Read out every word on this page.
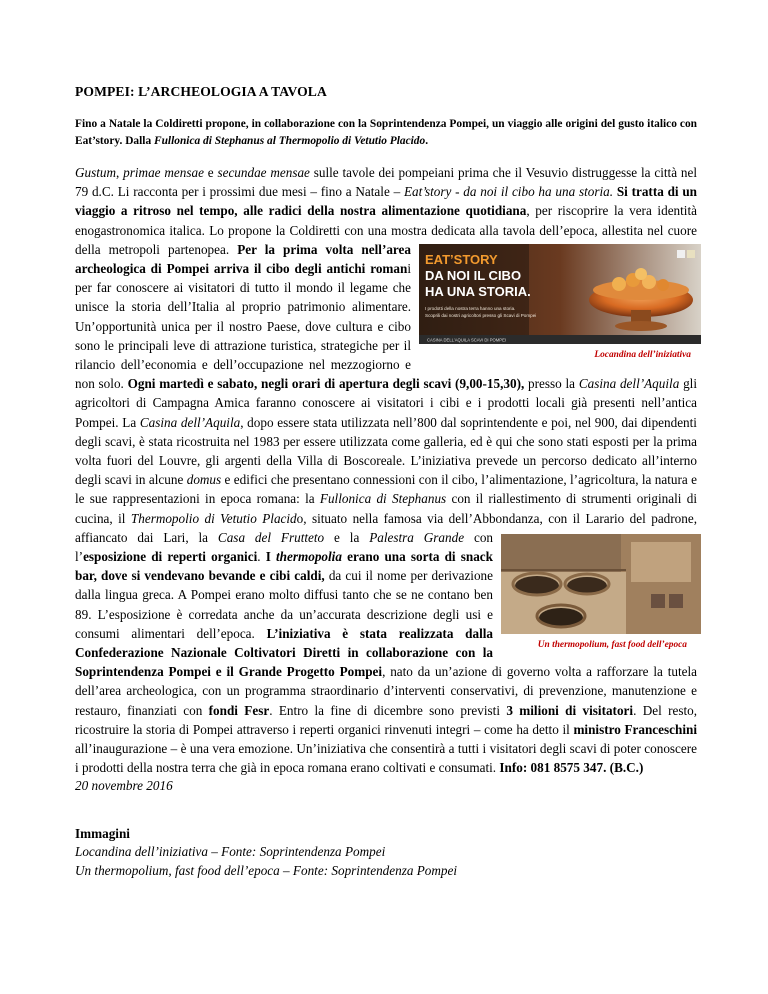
POMPEI: L’ARCHEOLOGIA A TAVOLA

Fino a Natale la Coldiretti propone, in collaborazione con la Soprintendenza Pompei, un viaggio alle origini del gusto italico con Eat’story. Dalla Fullonica di Stephanus al Thermopolio di Vetutio Placido.

Gustum, primae mensae e secundae mensae sulle tavole dei pompeiani prima che il Vesuvio distruggesse la città nel 79 d.C. Li racconta per i prossimi due mesi – fino a Natale – Eat’story - da noi il cibo ha una storia. Si tratta di un viaggio a ritroso nel tempo, alle radici della nostra alimentazione quotidiana, per riscoprire la vera identità enogastronomica italica. Lo propone la Coldiretti con una mostra dedicata alla tavola dell’epoca, allestita nel cuore della metropoli partenopea.
EAT’STORY
DA NOI IL CIBO
HA UNA STORIA.
I prodotti della nostra terra hanno una storia.
Scoprili dai nostri agricoltori presso gli Scavi di Pompei
CASINA DELL’AQUILA SCAVI DI POMPEI
Locandina dell’iniziativa
Per la prima volta nell’area archeologica di Pompei arriva il cibo degli antichi romani per far conoscere ai visitatori di tutto il mondo il legame che unisce la storia dell’Italia al proprio patrimonio alimentare. Un’opportunità unica per il nostro Paese, dove cultura e cibo sono le principali leve di attrazione turistica, strategiche per il rilancio dell’economia e dell’occupazione nel mezzogiorno e non solo. Ogni martedì e sabato, negli orari di apertura degli scavi (9,00-15,30), presso la Casina dell’Aquila gli agricoltori di Campagna Amica faranno conoscere ai visitatori i cibi e i prodotti locali già presenti nell’antica Pompei. La Casina dell’Aquila, dopo essere stata utilizzata nell’800 dal soprintendente e poi, nel 900, dai dipendenti degli scavi, è stata ricostruita nel 1983 per essere utilizzata come galleria, ed è qui che sono stati esposti per la prima volta fuori del Louvre, gli argenti della Villa di Boscoreale. L’iniziativa prevede un percorso dedicato all’interno degli scavi in alcune domus e edifici che presentano connessioni con il cibo, l’alimentazione, l’agricoltura, la natura e le sue rappresentazioni in epoca romana: la Fullonica di Stephanus con il riallestimento di strumenti originali di cucina, il Thermopolio di Vetutio Placido, situato nella famosa via dell’Abbondanza, con il Larario del padrone, affiancato dai Lari, la Casa del Frutteto e la Palestra Grande
Un thermopolium, fast food dell’epoca
con l’esposizione di reperti organici. I thermopolia erano una sorta di snack bar, dove si vendevano bevande e cibi caldi, da cui il nome per derivazione dalla lingua greca. A Pompei erano molto diffusi tanto che se ne contano ben 89. L’esposizione è corredata anche da un’accurata descrizione degli usi e consumi alimentari dell’epoca. L’iniziativa è stata realizzata dalla Confederazione Nazionale Coltivatori Diretti in collaborazione con la Soprintendenza Pompei e il Grande Progetto Pompei, nato da un’azione di governo volta a rafforzare la tutela dell’area archeologica, con un programma straordinario d’interventi conservativi, di prevenzione, manutenzione e restauro, finanziati con fondi Fesr. Entro la fine di dicembre sono previsti 3 milioni di visitatori. Del resto, ricostruire la storia di Pompei attraverso i reperti organici rinvenuti integri – come ha detto il ministro Franceschini all’inaugurazione – è una vera emozione. Un’iniziativa che consentirà a tutti i visitatori degli scavi di poter conoscere i prodotti della nostra terra che già in epoca romana erano coltivati e consumati. Info: 081 8575 347. (B.C.)

20 novembre 2016

Immagini

Locandina dell’iniziativa – Fonte: Soprintendenza Pompei

Un thermopolium, fast food dell’epoca – Fonte: Soprintendenza Pompei
